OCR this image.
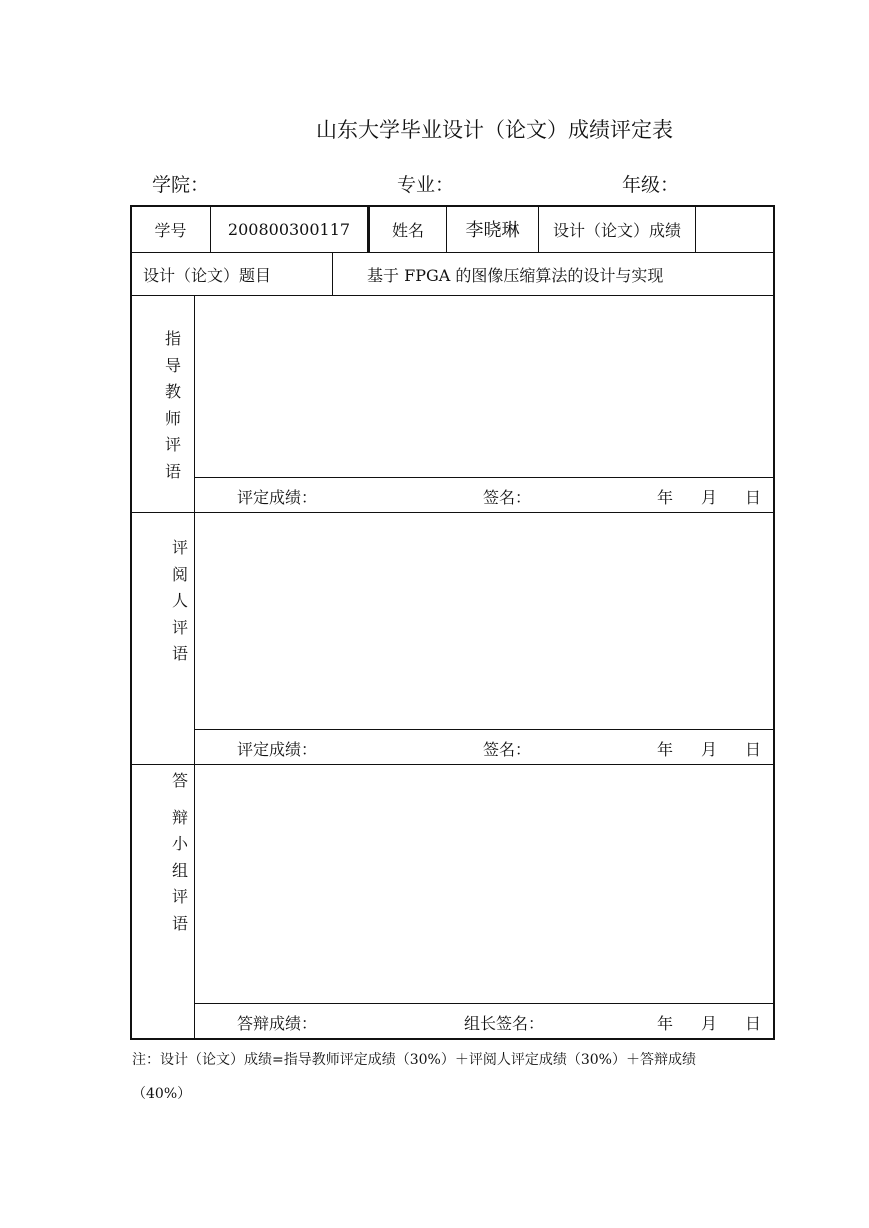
山东大学毕业设计（论文）成绩评定表
学院：	专业：	年级：
学号	200800300117	姓名	李晓琳	设计（论文）成绩
设计（论文）题目	基于 FPGA 的图像压缩算法的设计与实现
指
导
教
师
评
语
评定成绩：	签名：	年 月 日
评
阅
人
评
语
评定成绩：	签名：	年 月 日
答
辩
小
组
评
语
答辩成绩：	组长签名：	年 月 日
注：设计（论文）成绩=指导教师评定成绩（30%）＋评阅人评定成绩（30%）＋答辩成绩
（40%）
